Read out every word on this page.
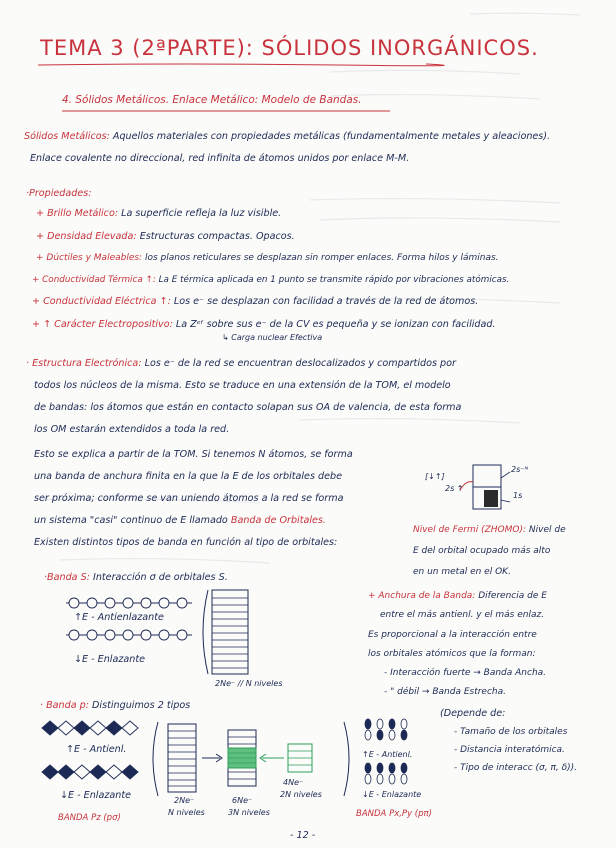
TEMA 3 (2ªPARTE): SÓLIDOS INORGÁNICOS.
4. Sólidos Metálicos. Enlace Metálico: Modelo de Bandas.
Sólidos Metálicos: Aquellos materiales con propiedades metálicas (fundamentalmente metales y aleaciones).
Enlace covalente no direccional, red infinita de átomos unidos por enlace M-M.
·Propiedades:
+ Brillo Metálico: La superficie refleja la luz visible.
+ Densidad Elevada: Estructuras compactas. Opacos.
+ Dúctiles y Maleables: los planos reticulares se desplazan sin romper enlaces. Forma hilos y láminas.
+ Conductividad Térmica ↑: La E térmica aplicada en 1 punto se transmite rápido por vibraciones atómicas.
+ Conductividad Eléctrica ↑: Los e⁻ se desplazan con facilidad a través de la red de átomos.
+ ↑ Carácter Electropositivo: La Zᵉᶠ sobre sus e⁻ de la CV es pequeña y se ionizan con facilidad.
↳ Carga nuclear Efectiva
· Estructura Electrónica: Los e⁻ de la red se encuentran deslocalizados y compartidos por
todos los núcleos de la misma. Esto se traduce en una extensión de la TOM, el modelo
de bandas: los átomos que están en contacto solapan sus OA de valencia, de esta forma
los OM estarán extendidos a toda la red.
Esto se explica a partir de la TOM. Si tenemos N átomos, se forma
una banda de anchura finita en la que la E de los orbitales debe
ser próxima; conforme se van uniendo átomos a la red se forma
un sistema "casi" continuo de E llamado Banda de Orbitales.
Existen distintos tipos de banda en función al tipo de orbitales:
[↓↑]
2s ↑
2s⁻ᴺ
1s
Nivel de Fermi (ZHOMO): Nivel de
E del orbital ocupado más alto
en un metal en el OK.
·Banda S: Interacción σ de orbitales S.
↑E - Antienlazante
↓E - Enlazante
2Ne⁻ // N niveles
+ Anchura de la Banda: Diferencia de E
entre el más antienl. y el más enlaz.
Es proporcional a la interacción entre
los orbitales atómicos que la forman:
- Interacción fuerte → Banda Ancha.
- " débil → Banda Estrecha.
· Banda p: Distinguimos 2 tipos
↑E - Antienl.
↓E - Enlazante
BANDA Pz (pσ)
2Ne⁻
N niveles
6Ne⁻
3N niveles
4Ne⁻
2N niveles
↑E - Antienl.
↓E - Enlazante
BANDA Px,Py (pπ)
(Depende de:
- Tamaño de los orbitales
- Distancia interatómica.
- Tipo de interacc (σ, π, δ)).
- 12 -
